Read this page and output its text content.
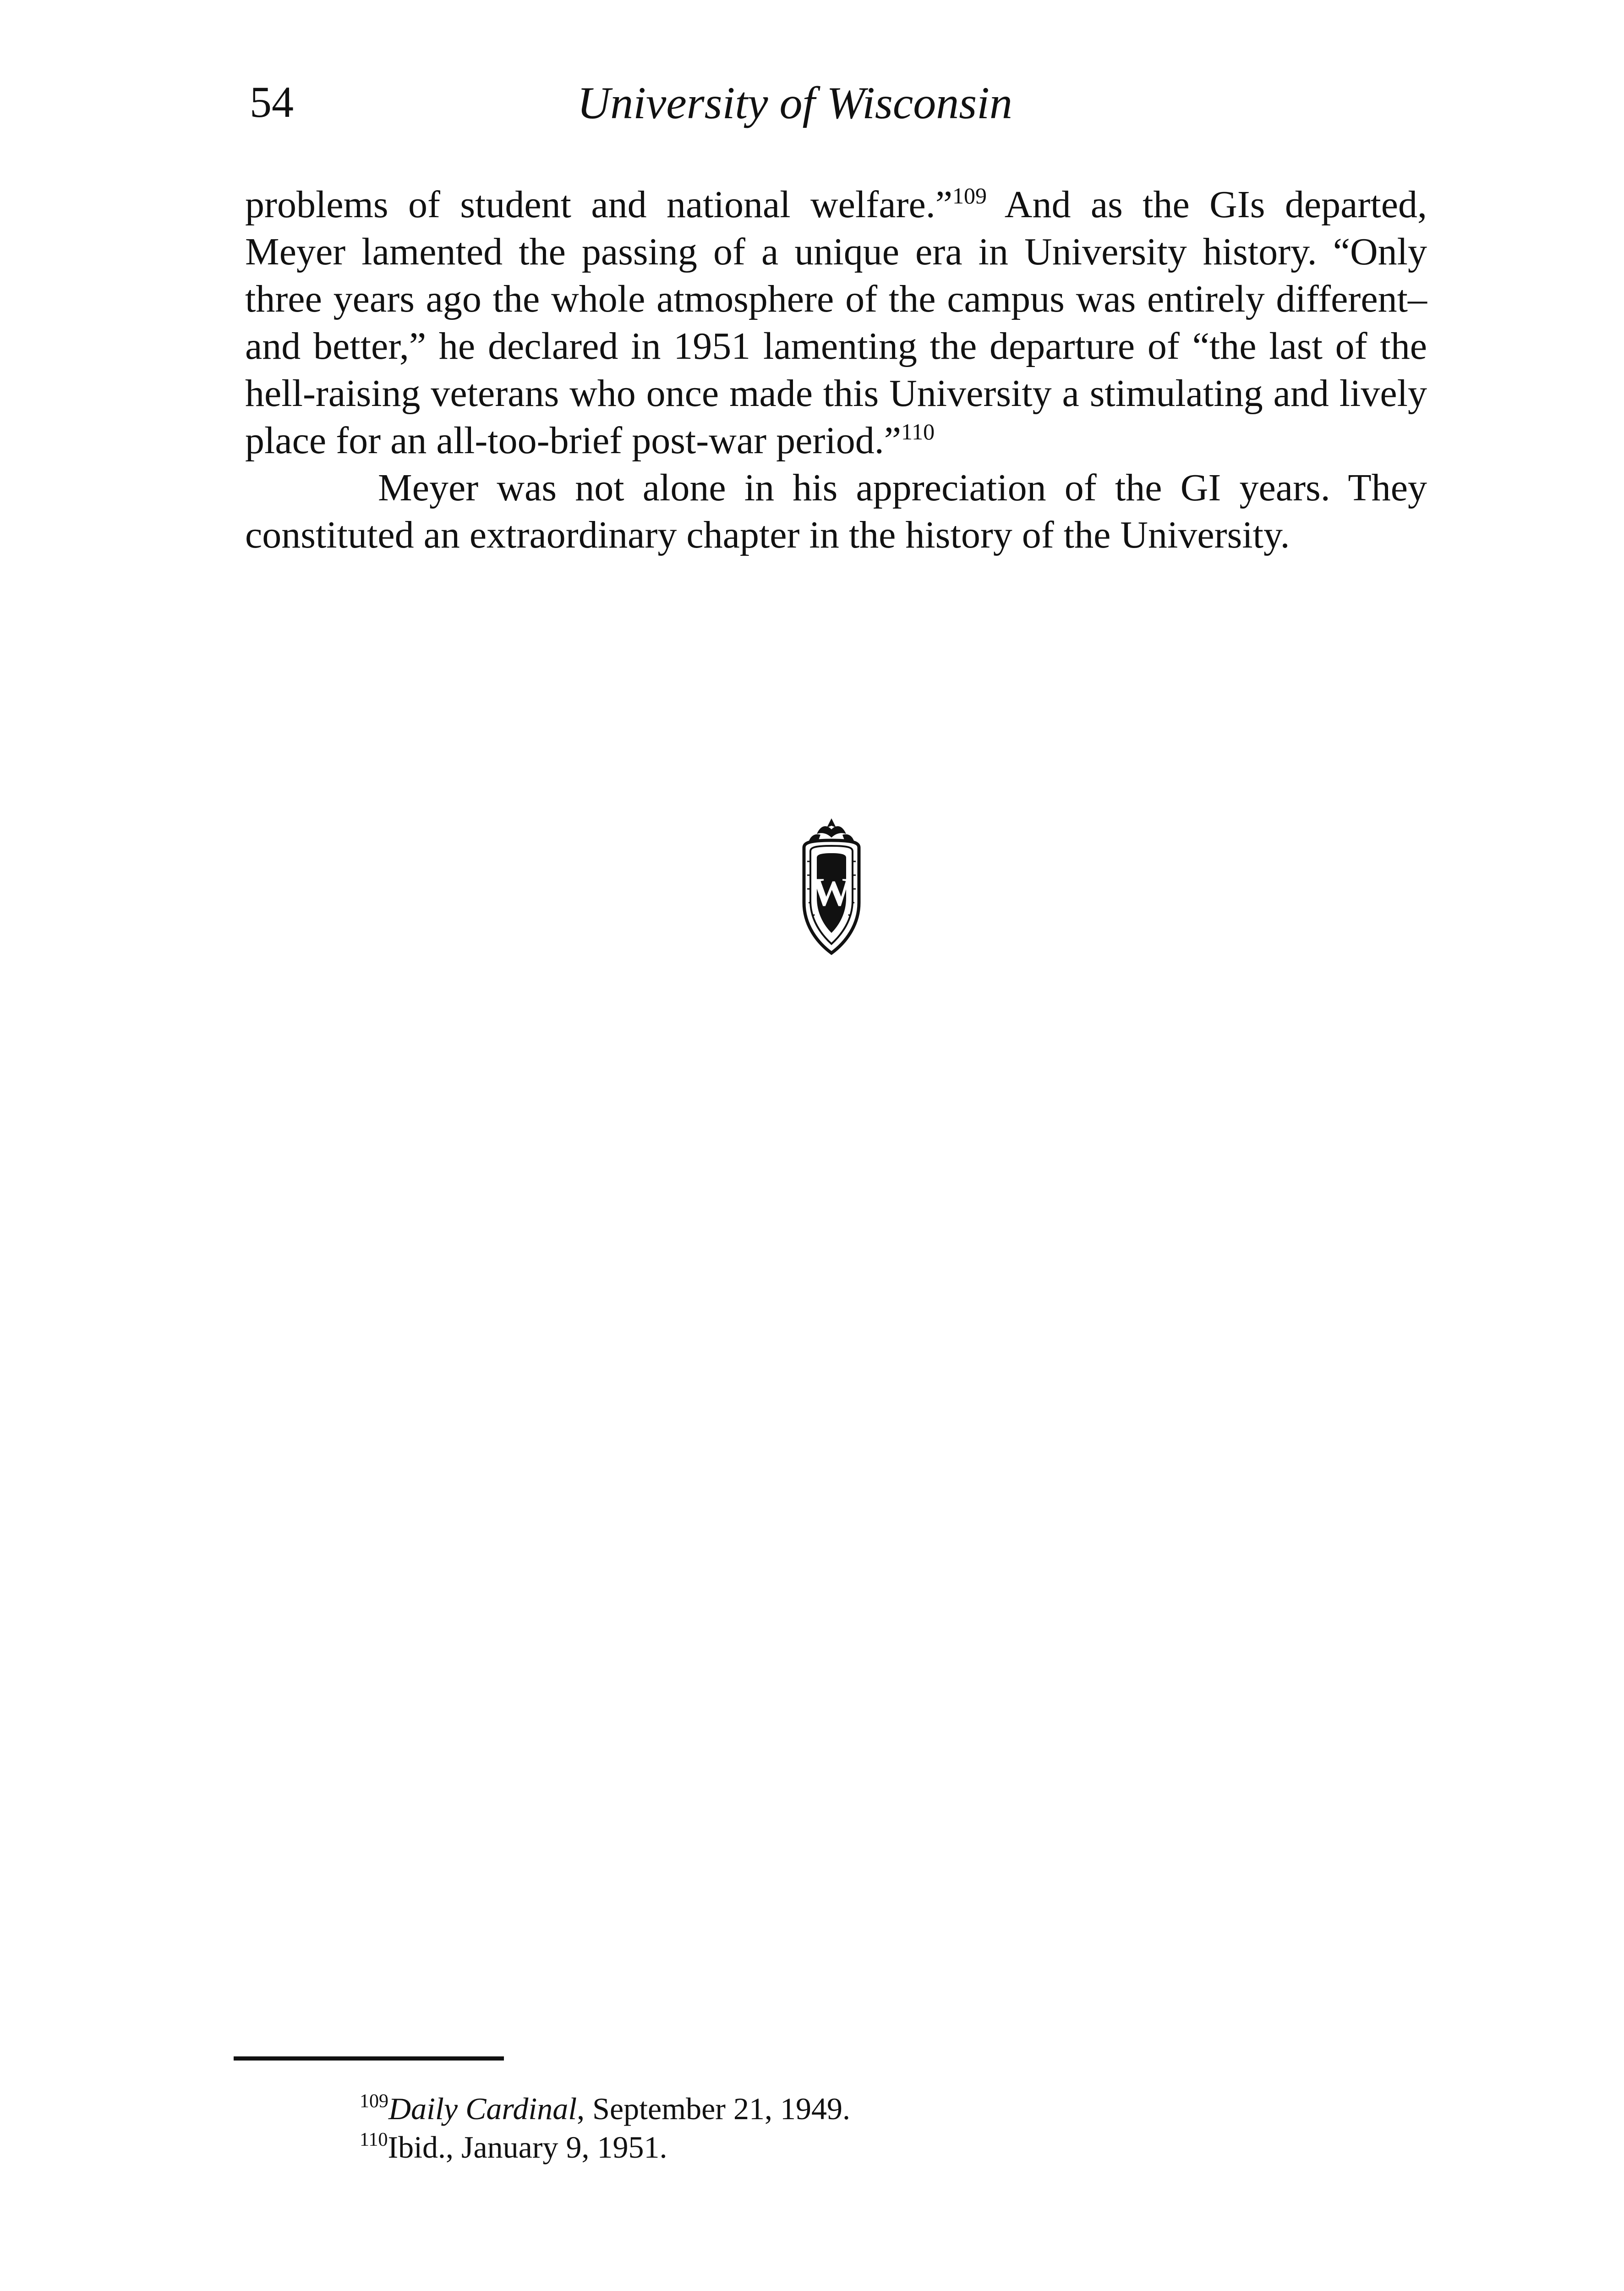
54	University of Wisconsin

problems of student and national welfare.”$^{109}$ And as the GIs departed, Meyer lamented the passing of a unique era in University history. “Only three years ago the whole atmosphere of the campus was entirely different–and better,” he declared in 1951 lamenting the departure of “the last of the hell-raising veterans who once made this University a stimulating and lively place for an all-too-brief post-war period.”$^{110}$

Meyer was not alone in his appreciation of the GI years. They constituted an extraordinary chapter in the history of the University.

W

$^{109}$Daily Cardinal, September 21, 1949.

$^{110}$Ibid., January 9, 1951.
